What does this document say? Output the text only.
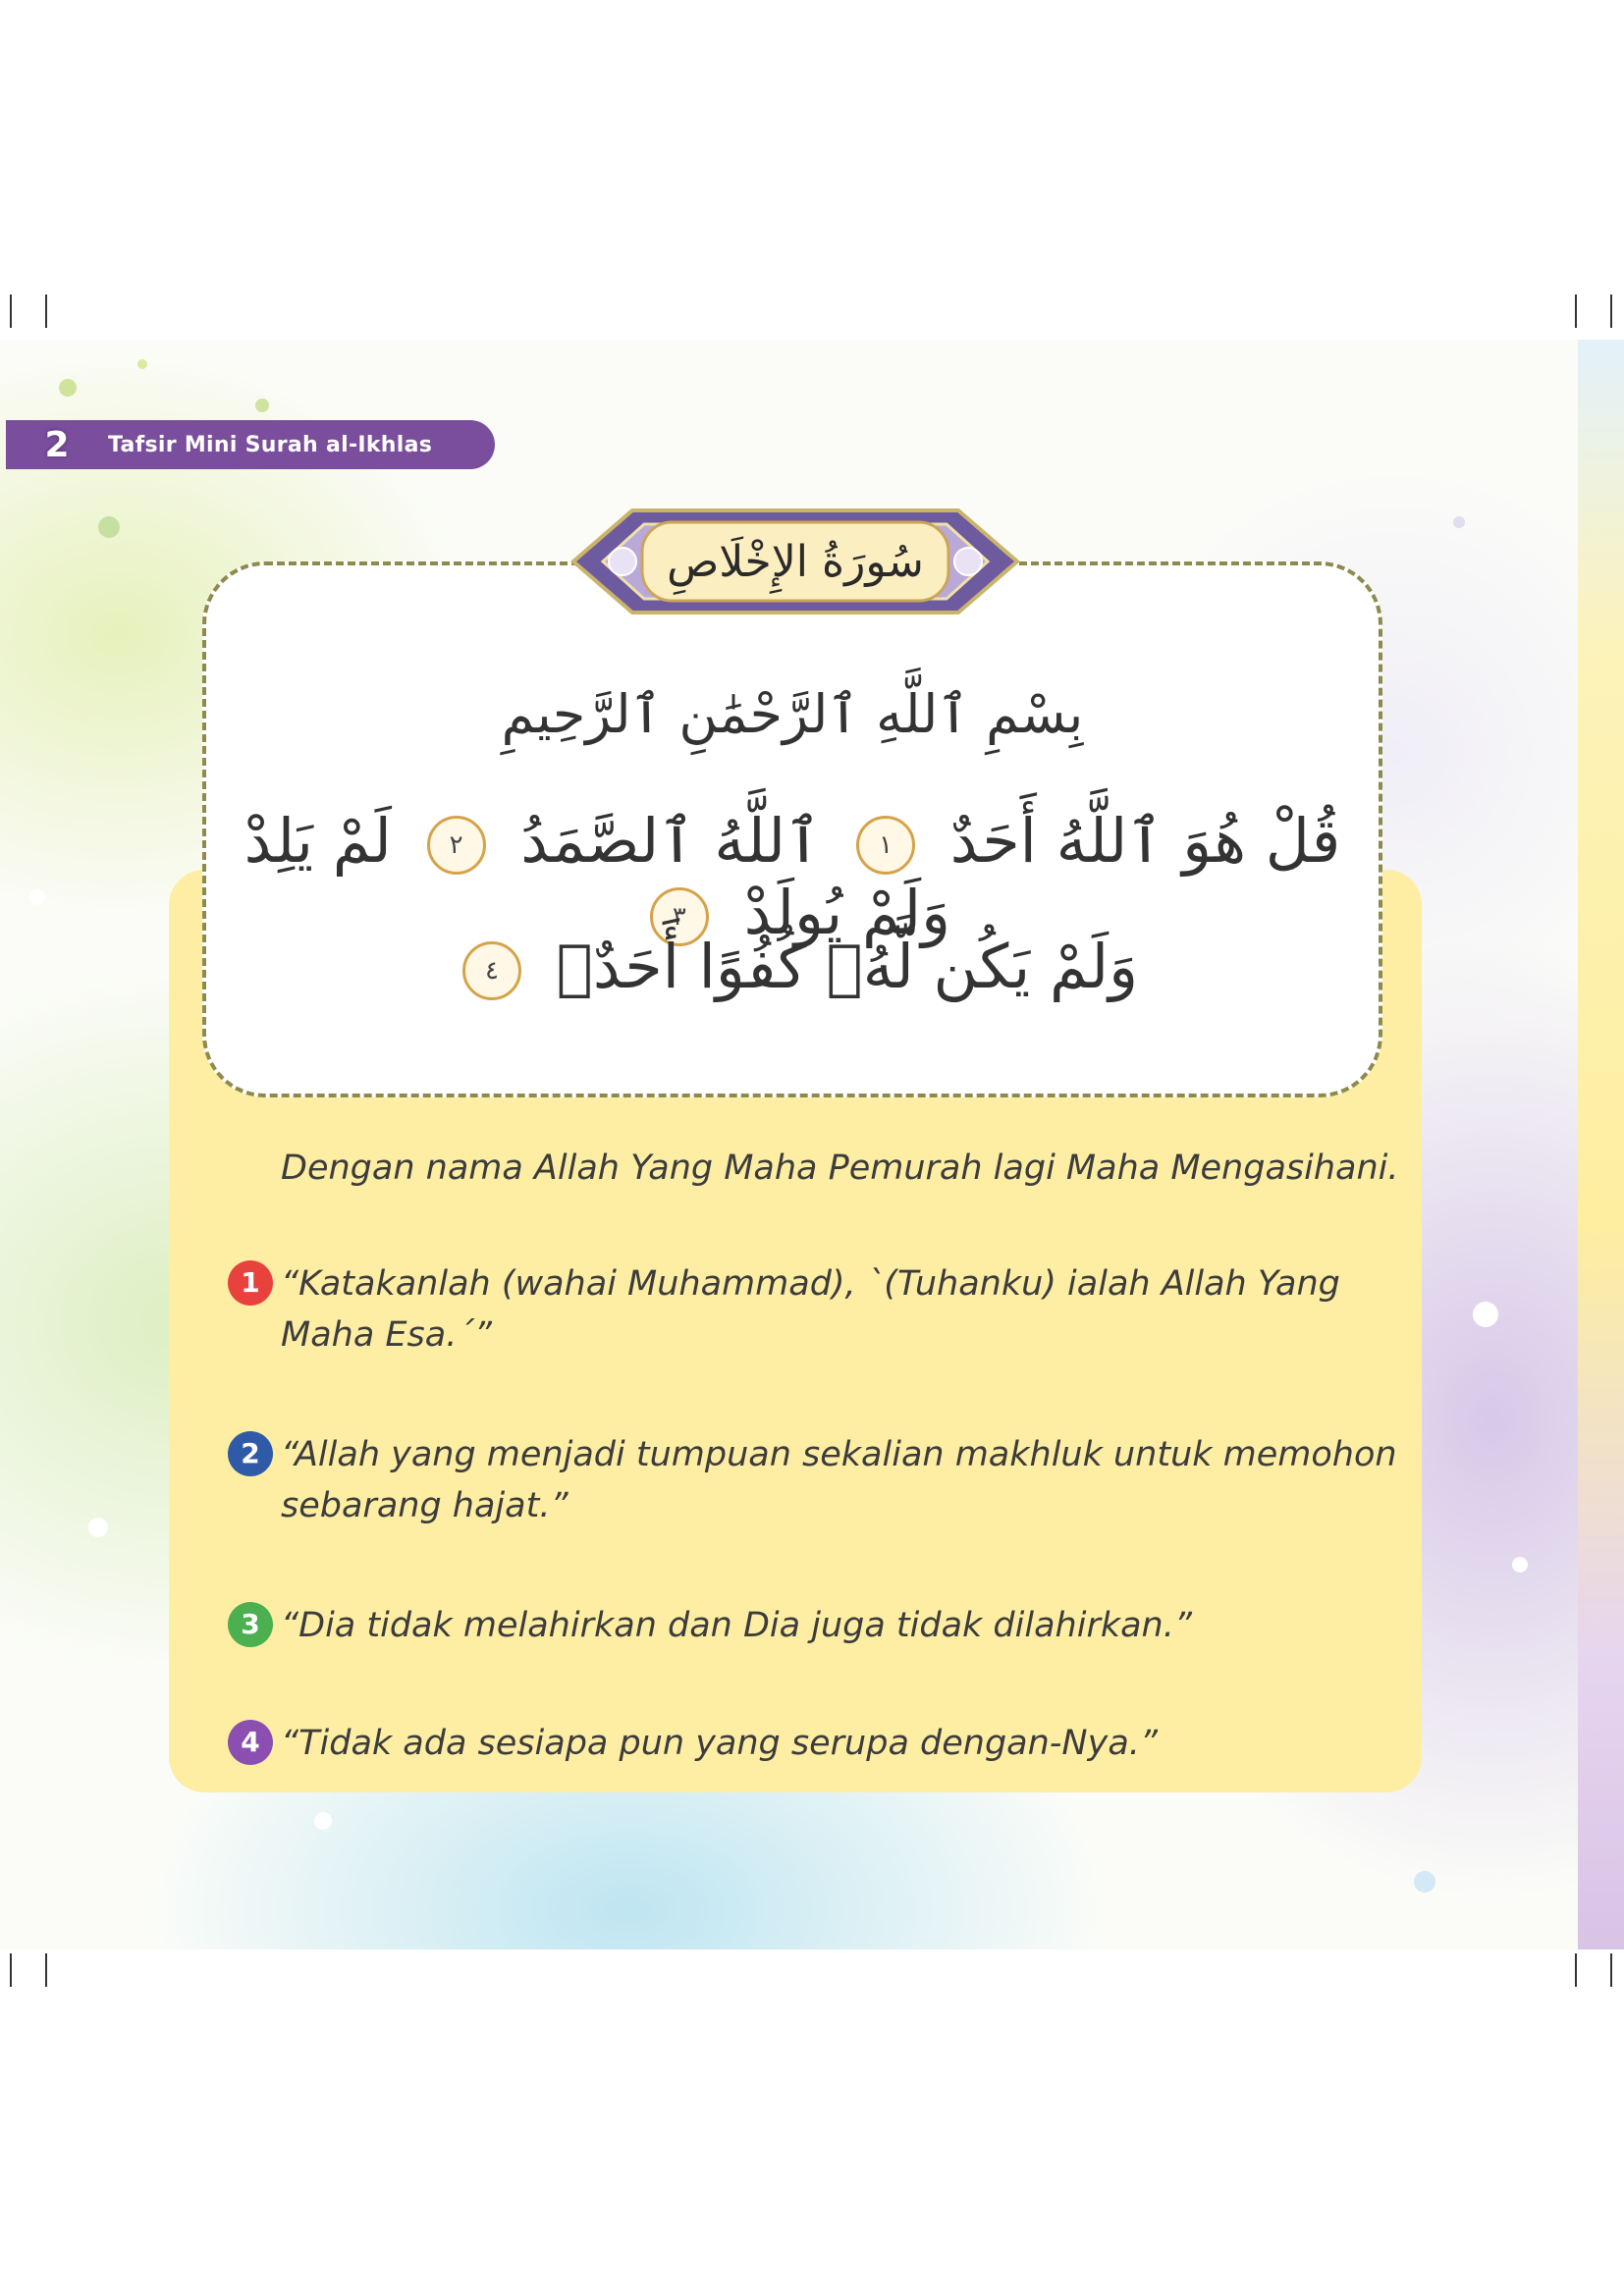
2	Tafsir Mini Surah al-Ikhlas
سُورَةُ الإِخْلَاصِ
بِسْمِ ٱللَّهِ ٱلرَّحْمَٰنِ ٱلرَّحِيمِ
قُلْ هُوَ ٱللَّهُ أَحَدٌ ١ ٱللَّهُ ٱلصَّمَدُ ٢ لَمْ يَلِدْ وَلَمْ يُولَدْ ٣
وَلَمْ يَكُن لَّهُۥ كُفُوًا أَحَدٌۢ ٤
Dengan nama Allah Yang Maha Pemurah lagi Maha Mengasihani.
1 “Katakanlah (wahai Muhammad), `(Tuhanku) ialah Allah Yang
Maha Esa.´”
2 “Allah yang menjadi tumpuan sekalian makhluk untuk memohon
sebarang hajat.”
3 “Dia tidak melahirkan dan Dia juga tidak dilahirkan.”
4 “Tidak ada sesiapa pun yang serupa dengan-Nya.”
